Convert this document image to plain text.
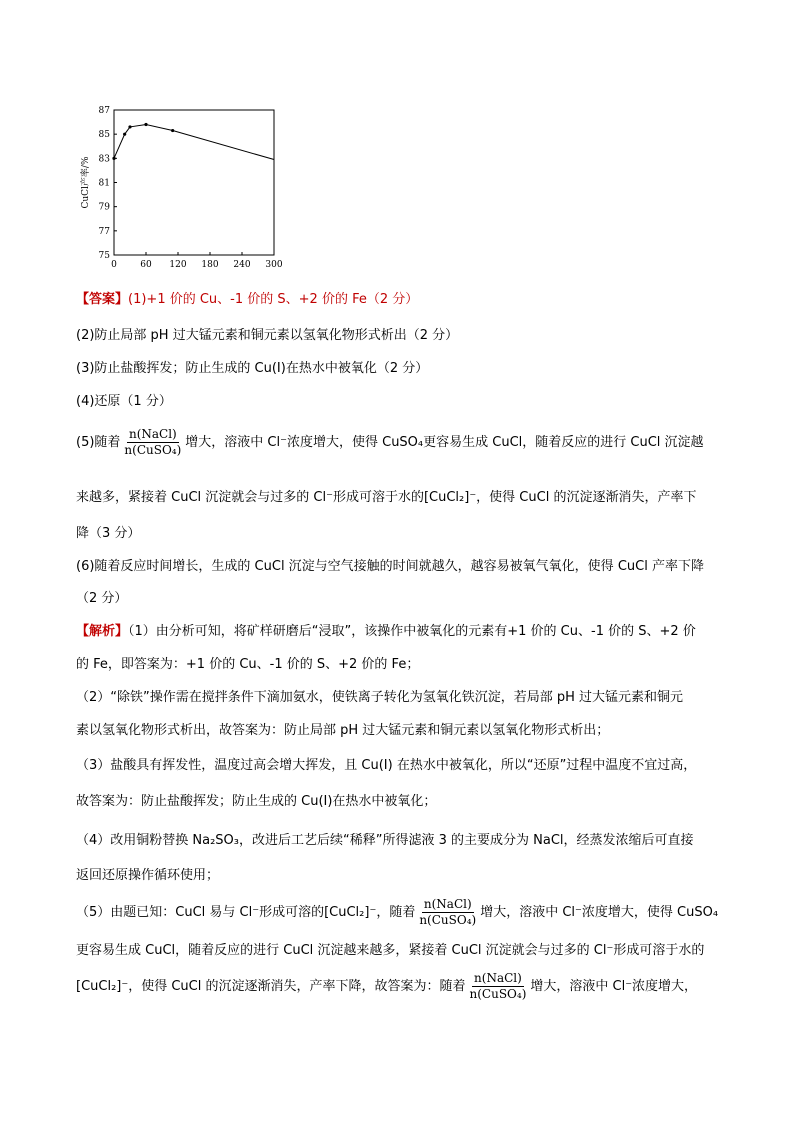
0	60 120 180 240 300
75
77
79
81
83
85
87
CuCl产率/%
【答案】(1)+1 价的 Cu、-1 价的 S、+2 价的 Fe（2 分）
(2)防止局部 pH 过大锰元素和铜元素以氢氧化物形式析出（2 分）
(3)防止盐酸挥发；防止生成的 Cu(I)在热水中被氧化（2 分）
(4)还原（1 分）
(5)随着 $\frac{\text{n(NaCl)}}{\text{n(CuSO₄)}}$ 增大，溶液中 Cl⁻浓度增大，使得 CuSO₄更容易生成 CuCl，随着反应的进行 CuCl 沉淀越
来越多，紧接着 CuCl 沉淀就会与过多的 Cl⁻形成可溶于水的[CuCl₂]⁻，使得 CuCl 的沉淀逐渐消失，产率下
降（3 分）
(6)随着反应时间增长，生成的 CuCl 沉淀与空气接触的时间就越久，越容易被氧气氧化，使得 CuCl 产率下降
（2 分）
【解析】（1）由分析可知，将矿样研磨后“浸取”，该操作中被氧化的元素有+1 价的 Cu、-1 价的 S、+2 价
的 Fe，即答案为：+1 价的 Cu、-1 价的 S、+2 价的 Fe；
（2）“除铁”操作需在搅拌条件下滴加氨水，使铁离子转化为氢氧化铁沉淀，若局部 pH 过大锰元素和铜元
素以氢氧化物形式析出，故答案为：防止局部 pH 过大锰元素和铜元素以氢氧化物形式析出；
（3）盐酸具有挥发性，温度过高会增大挥发，且 Cu(I) 在热水中被氧化，所以“还原”过程中温度不宜过高，
故答案为：防止盐酸挥发；防止生成的 Cu(I)在热水中被氧化；
（4）改用铜粉替换 Na₂SO₃，改进后工艺后续“稀释”所得滤液 3 的主要成分为 NaCl，经蒸发浓缩后可直接
返回还原操作循环使用；
（5）由题已知：CuCl 易与 Cl⁻形成可溶的[CuCl₂]⁻，随着 $\frac{\text{n(NaCl)}}{\text{n(CuSO₄)}}$ 增大，溶液中 Cl⁻浓度增大，使得 CuSO₄
更容易生成 CuCl，随着反应的进行 CuCl 沉淀越来越多，紧接着 CuCl 沉淀就会与过多的 Cl⁻形成可溶于水的
[CuCl₂]⁻，使得 CuCl 的沉淀逐渐消失，产率下降，故答案为：随着 $\frac{\text{n(NaCl)}}{\text{n(CuSO₄)}}$ 增大，溶液中 Cl⁻浓度增大，
